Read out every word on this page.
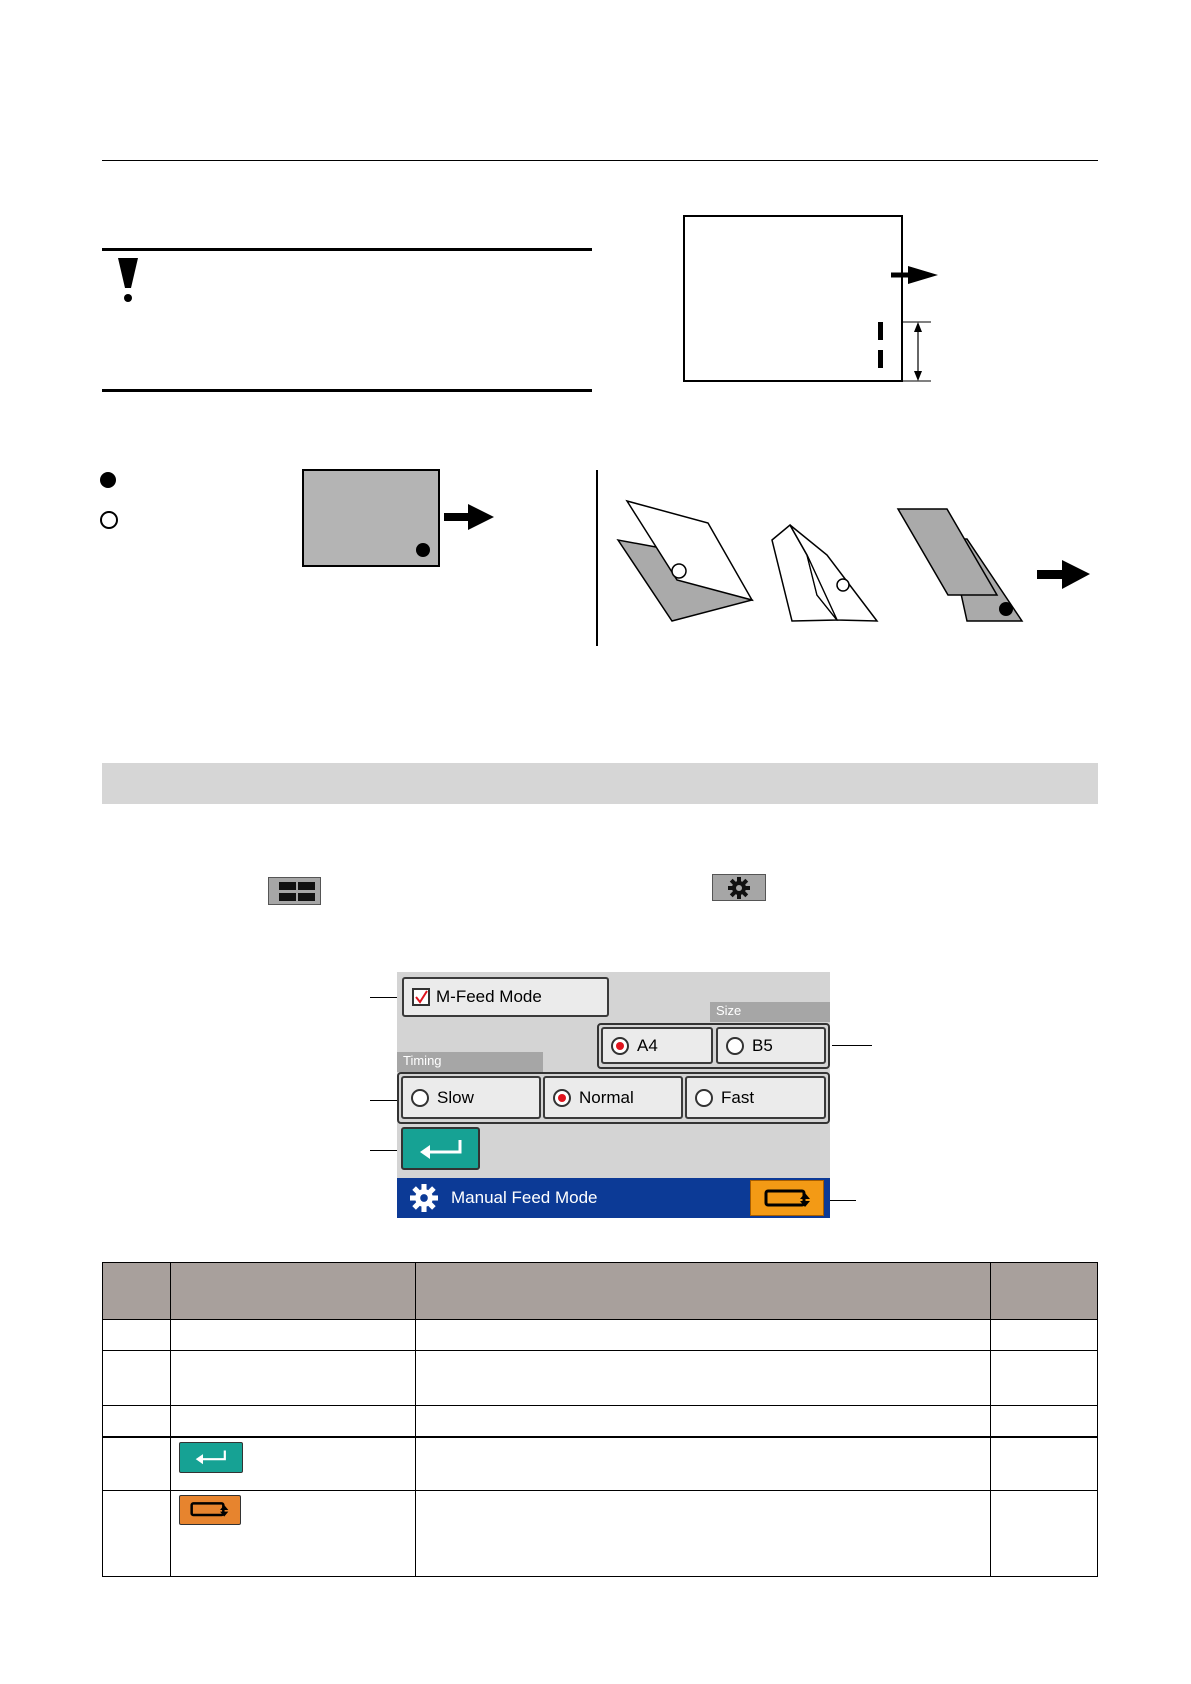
M-Feed Mode
Size
A4	B5
Timing
Slow	Normal	Fast
Manual Feed Mode
